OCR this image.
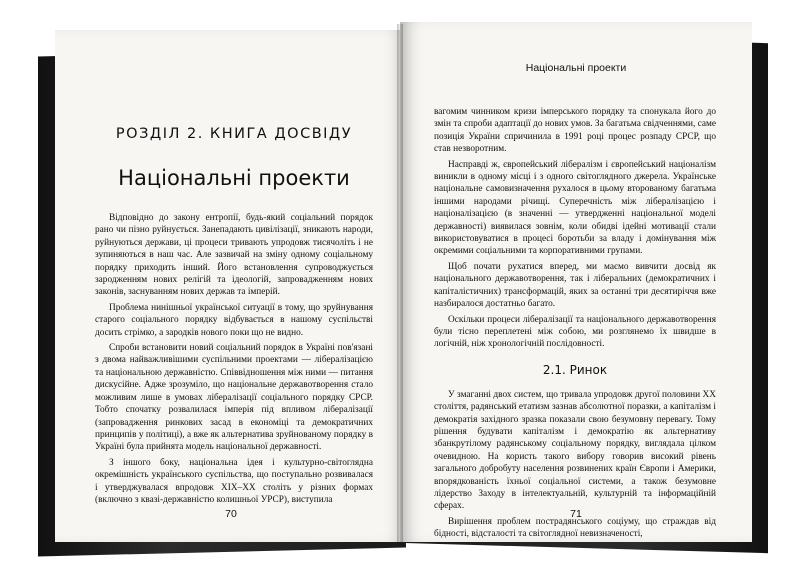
РОЗДІЛ 2. КНИГА ДОСВІДУ
Національні проекти

Відповідно до закону ентропії, будь-який соціальний порядок рано чи пізно руйнується. Занепадають цивілізації, зникають народи, руйнуються держави, ці процеси тривають упродовж тисячоліть і не зупиняються в наш час. Але зазвичай на зміну одному соціальному порядку приходить інший. Його встановлення супроводжується зародженням нових релігій та ідеологій, запровадженням нових законів, заснуванням нових держав та імперій.

Проблема нинішньої української ситуації в тому, що зруйнування старого соціального порядку відбувається в нашому суспільстві досить стрімко, а зародків нового поки що не видно.

Спроби встановити новий соціальний порядок в Україні пов'язані з двома найважливішими суспільними проектами — лібералізацією та національною державністю. Співвідношення між ними — питання дискусійне. Адже зрозуміло, що національне державотворення стало можливим лише в умовах лібералізації соціального порядку СРСР. Тобто спочатку розвалилася імперія під впливом лібералізації (запровадження ринкових засад в економіці та демократичних принципів у політиці), а вже як альтернатива зруйнованому порядку в Україні була прийнята модель національної державності.

З іншого боку, національна ідея і культурно-світоглядна окремішність українського суспільства, що поступально розвивалася і утверджувалася впродовж XIX–XX століть у різних формах (включно з квазі-державністю колишньої УРСР), виступила

70
Національні проекти

вагомим чинником кризи імперського порядку та спонукала його до змін та спроби адаптації до нових умов. За багатьма свідченнями, саме позиція України спричинила в 1991 році процес розпаду СРСР, що став незворотним.

Насправді ж, європейський лібералізм і європейський націоналізм виникли в одному місці і з одного світоглядного джерела. Українське національне самовизначення рухалося в цьому второваному багатьма іншими народами річищі. Суперечність між лібералізацією і націоналізацією (в значенні — утвердженні національної моделі державності) виявилася зовнім, коли обидві ідейні мотивації стали використовуватися в процесі боротьби за владу і домінування між окремими соціальними та корпоративними групами.

Щоб почати рухатися вперед, ми маємо вивчити досвід як національного державотворення, так і ліберальних (демократичних і капіталістичних) трансформацій, яких за останні три десятиріччя вже назбиралося достатньо багато.

Оскільки процеси лібералізації та національного державотворення були тісно переплетені між собою, ми розглянемо їх швидше в логічній, ніж хронологічній послідовності.

2.1. Ринок

У змаганні двох систем, що тривала упродовж другої половини XX століття, радянський етатизм зазнав абсолютної поразки, а капіталізм і демократія західного зразка показали свою безумовну перевагу. Тому рішення будувати капіталізм і демократію як альтернативу збанкрутілому радянському соціальному порядку, виглядала цілком очевидною. На користь такого вибору говорив високий рівень загального добробуту населення розвинених країн Європи і Америки, впорядкованість їхньої соціальної системи, а також безумовне лідерство Заходу в інтелектуальній, культурній та інформаційній сферах.

Вирішення проблем пострадянського соціуму, що страждав від бідності, відсталості та світоглядної невизначеності,

71
